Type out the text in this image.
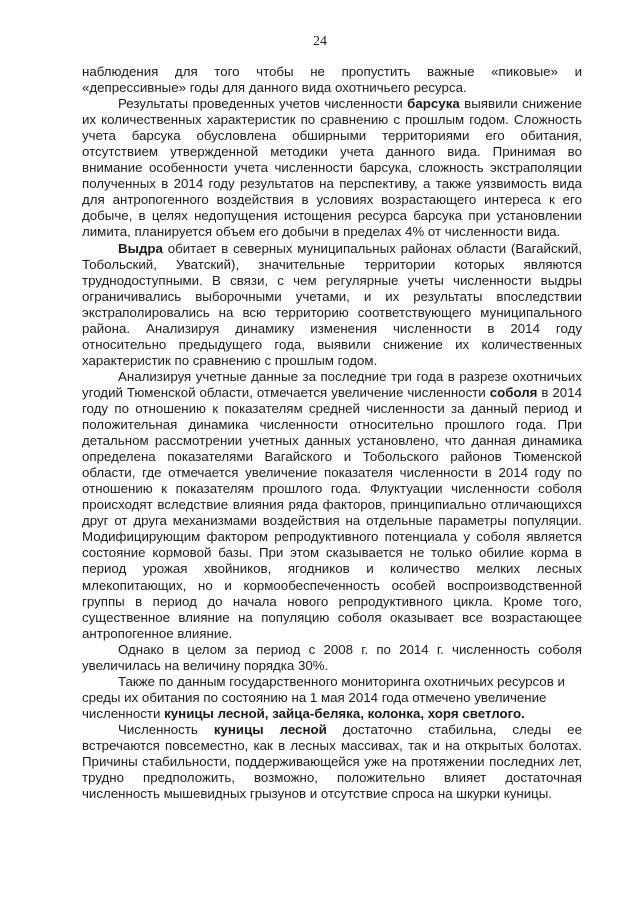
24

наблюдения для того чтобы не пропустить важные «пиковые» и «депрессивные» годы для данного вида охотничьего ресурса.

Результаты проведенных учетов численности барсука выявили снижение их количественных характеристик по сравнению с прошлым годом. Сложность учета барсука обусловлена обширными территориями его обитания, отсутствием утвержденной методики учета данного вида. Принимая во внимание особенности учета численности барсука, сложность экстраполяции полученных в 2014 году результатов на перспективу, а также уязвимость вида для антропогенного воздействия в условиях возрастающего интереса к его добыче, в целях недопущения истощения ресурса барсука при установлении лимита, планируется объем его добычи в пределах 4% от численности вида.

Выдра обитает в северных муниципальных районах области (Вагайский, Тобольский, Уватский), значительные территории которых являются труднодоступными. В связи, с чем регулярные учеты численности выдры ограничивались выборочными учетами, и их результаты впоследствии экстраполировались на всю территорию соответствующего муниципального района. Анализируя динамику изменения численности в 2014 году относительно предыдущего года, выявили снижение их количественных характеристик по сравнению с прошлым годом.

Анализируя учетные данные за последние три года в разрезе охотничьих угодий Тюменской области, отмечается увеличение численности соболя в 2014 году по отношению к показателям средней численности за данный период и положительная динамика численности относительно прошлого года. При детальном рассмотрении учетных данных установлено, что данная динамика определена показателями Вагайского и Тобольского районов Тюменской области, где отмечается увеличение показателя численности в 2014 году по отношению к показателям прошлого года. Флуктуации численности соболя происходят вследствие влияния ряда факторов, принципиально отличающихся друг от друга механизмами воздействия на отдельные параметры популяции. Модифицирующим фактором репродуктивного потенциала у соболя является состояние кормовой базы. При этом сказывается не только обилие корма в период урожая хвойников, ягодников и количество мелких лесных млекопитающих, но и кормообеспеченность особей воспроизводственной группы в период до начала нового репродуктивного цикла. Кроме того, существенное влияние на популяцию соболя оказывает все возрастающее антропогенное влияние.

Однако в целом за период с 2008 г. по 2014 г. численность соболя увеличилась на величину порядка 30%.

Также по данным государственного мониторинга охотничьих ресурсов и среды их обитания по состоянию на 1 мая 2014 года отмечено увеличение численности куницы лесной, зайца-беляка, колонка, хоря светлого.

Численность куницы лесной достаточно стабильна, следы ее встречаются повсеместно, как в лесных массивах, так и на открытых болотах. Причины стабильности, поддерживающейся уже на протяжении последних лет, трудно предположить, возможно, положительно влияет достаточная численность мышевидных грызунов и отсутствие спроса на шкурки куницы.
